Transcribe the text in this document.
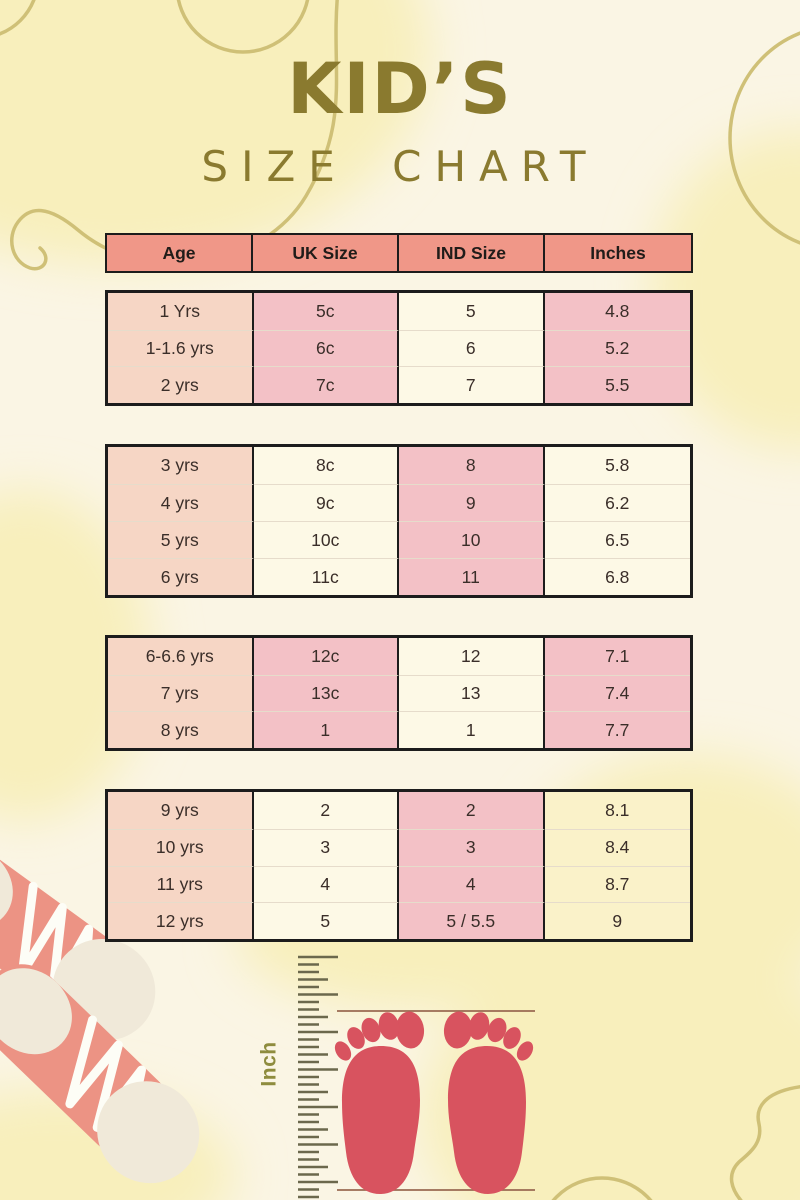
KID’S
SIZE CHART
Age	UK Size	IND Size	Inches
1 Yrs	5c	5	4.8
1-1.6 yrs	6c	6	5.2
2 yrs	7c	7	5.5
3 yrs	8c	8	5.8
4 yrs	9c	9	6.2
5 yrs	10c	10	6.5
6 yrs	11c	11	6.8
6-6.6 yrs	12c	12	7.1
7 yrs	13c	13	7.4
8 yrs	1	1	7.7
9 yrs	2	2	8.1
10 yrs	3	3	8.4
11 yrs	4	4	8.7
12 yrs	5	5 / 5.5	9
Inch
